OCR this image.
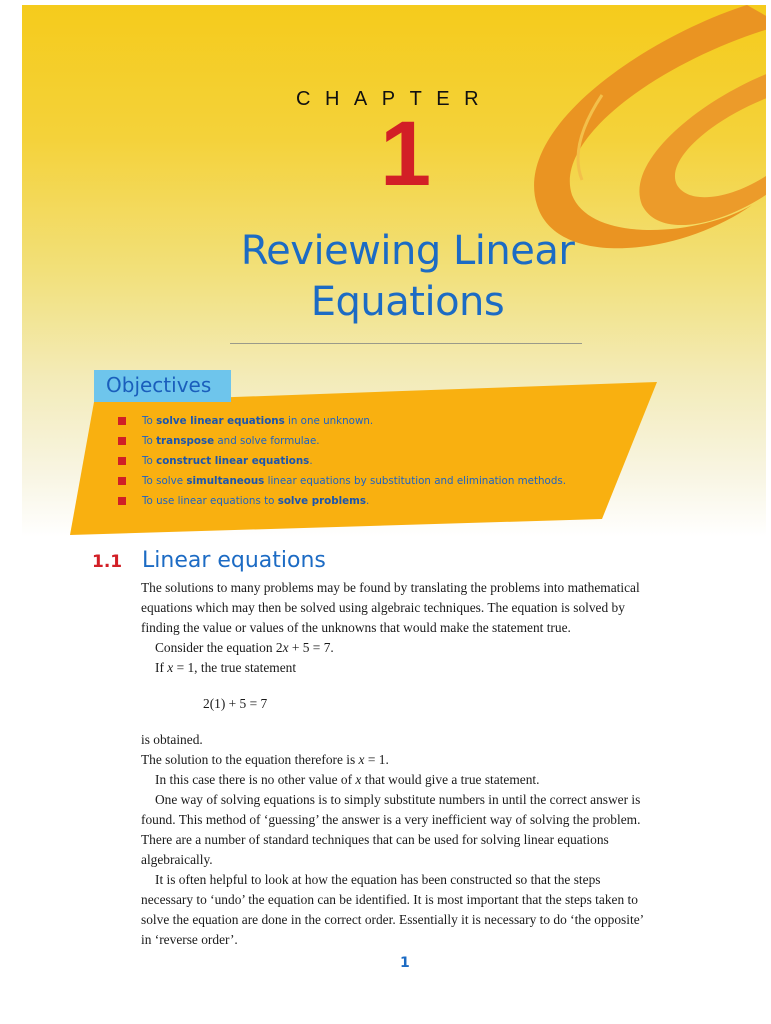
CHAPTER
1
Reviewing Linear
Equations
Objectives
To solve linear equations in one unknown.
To transpose and solve formulae.
To construct linear equations .
To solve simultaneous linear equations by substitution and elimination methods.
To use linear equations to solve problems .
1.1 Linear equations
The solutions to many problems may be found by translating the problems into mathematical
equations which may then be solved using algebraic techniques. The equation is solved by
finding the value or values of the unknowns that would make the statement true.
Consider the equation 2x + 5 = 7.
If x = 1, the true statement
2(1) + 5 = 7
is obtained.
The solution to the equation therefore is x = 1.
In this case there is no other value of x that would give a true statement.
One way of solving equations is to simply substitute numbers in until the correct answer is
found. This method of ‘guessing’ the answer is a very inefficient way of solving the problem.
There are a number of standard techniques that can be used for solving linear equations
algebraically.
It is often helpful to look at how the equation has been constructed so that the steps
necessary to ‘undo’ the equation can be identified. It is most important that the steps taken to
solve the equation are done in the correct order. Essentially it is necessary to do ‘the opposite’
in ‘reverse order’.
1
